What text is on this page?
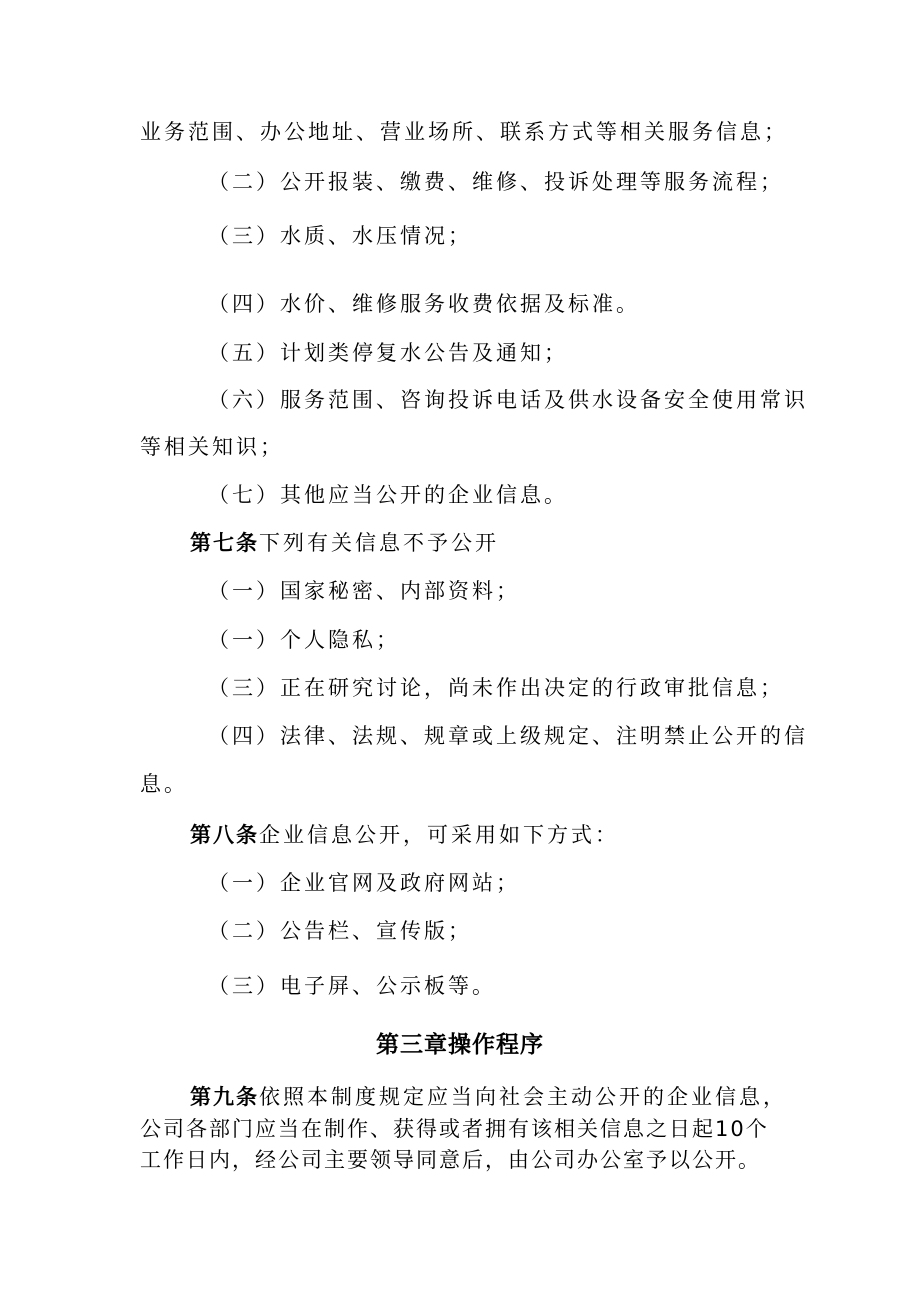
业务范围、办公地址、营业场所、联系方式等相关服务信息；
（二）公开报装、缴费、维修、投诉处理等服务流程；
（三）水质、水压情况；
（四）水价、维修服务收费依据及标准。
（五）计划类停复水公告及通知；
（六）服务范围、咨询投诉电话及供水设备安全使用常识
等相关知识；
（七）其他应当公开的企业信息。
第七条下列有关信息不予公开
（一）国家秘密、内部资料；
（一）个人隐私；
（三）正在研究讨论，尚未作出决定的行政审批信息；
（四）法律、法规、规章或上级规定、注明禁止公开的信
息。
第八条企业信息公开，可采用如下方式：
（一）企业官网及政府网站；
（二）公告栏、宣传版；
（三）电子屏、公示板等。
第三章操作程序
第九条依照本制度规定应当向社会主动公开的企业信息，
公司各部门应当在制作、获得或者拥有该相关信息之日起10个
工作日内，经公司主要领导同意后，由公司办公室予以公开。
